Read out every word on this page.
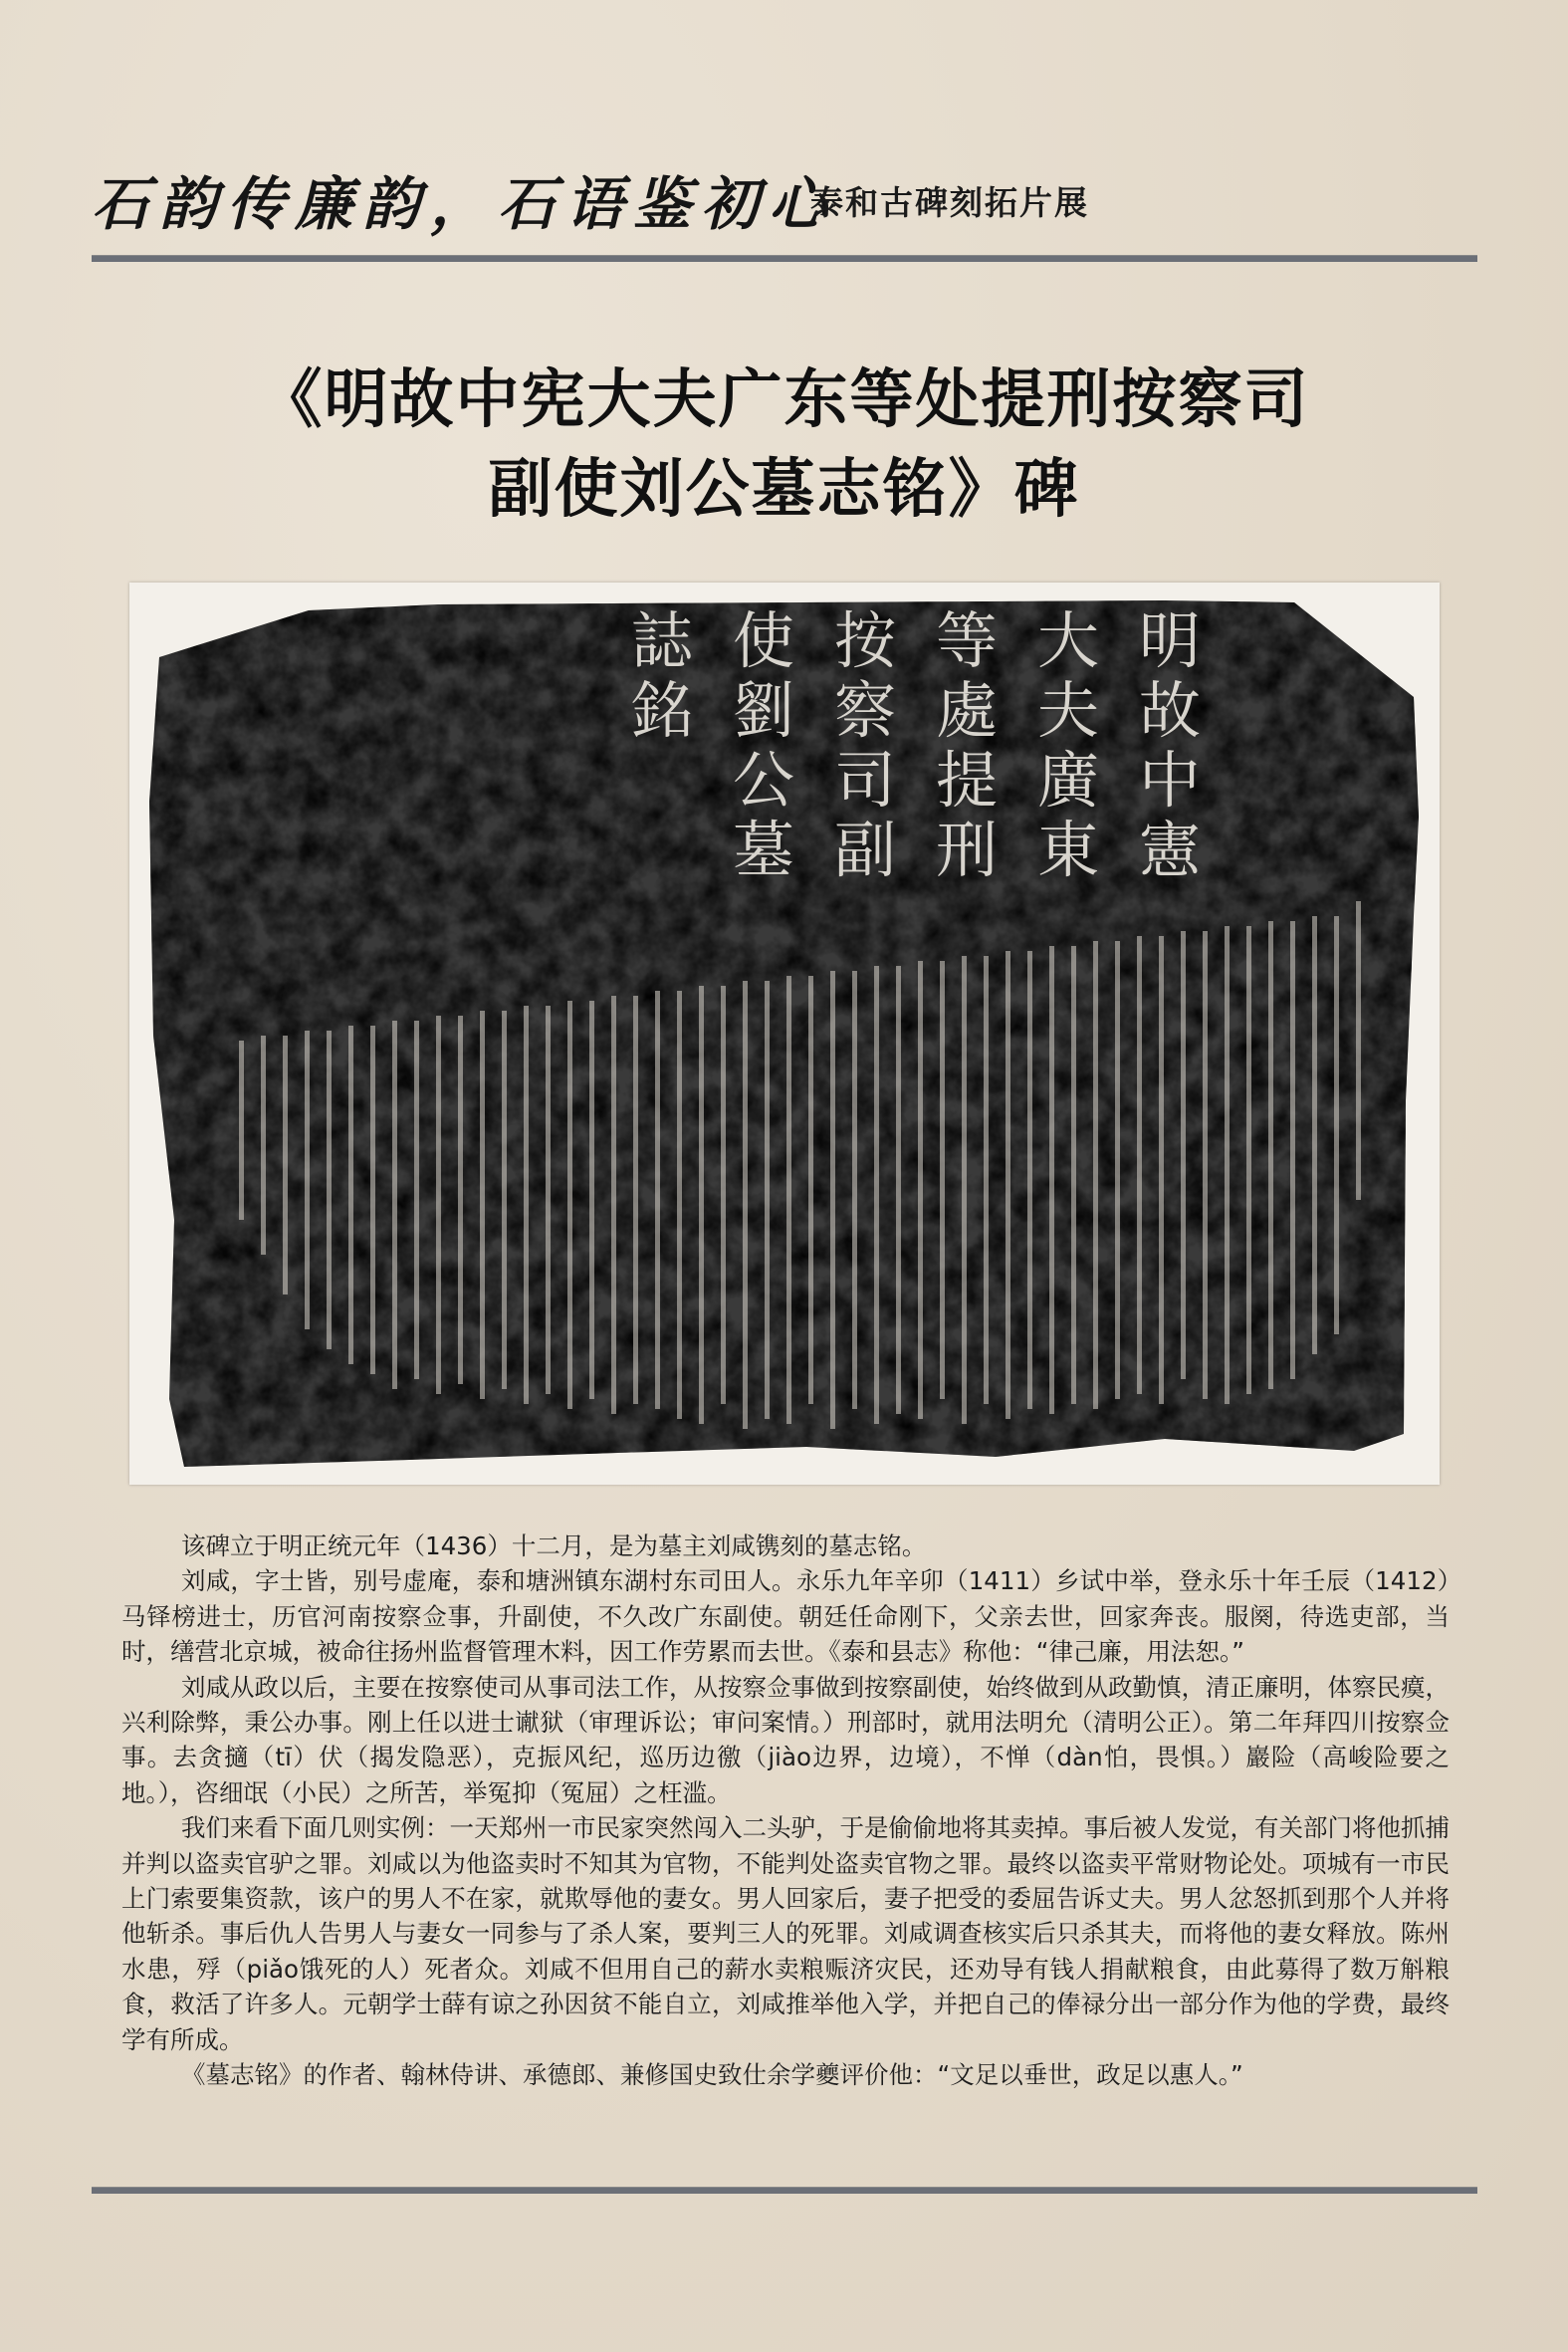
石韵传廉韵，石语鉴初心
泰和古碑刻拓片展
《明故中宪大夫广东等处提刑按察司
副使刘公墓志铭》碑
明
故
中
憲
大
夫
廣
東
等
處
提
刑
按
察
司
副
使
劉
公
墓
誌
銘

该碑立于明正统元年（1436）十二月，是为墓主刘咸镌刻的墓志铭。

刘咸，字士皆，别号虚庵，泰和塘洲镇东湖村东司田人。永乐九年辛卯（1411）乡试中举，登永乐十年壬辰（1412）马铎榜进士，历官河南按察佥事，升副使，不久改广东副使。朝廷任命刚下，父亲去世，回家奔丧。服阕，待选吏部，当时，缮营北京城，被命往扬州监督管理木料，因工作劳累而去世。《泰和县志》称他：“律己廉，用法恕。”

刘咸从政以后，主要在按察使司从事司法工作，从按察佥事做到按察副使，始终做到从政勤慎，清正廉明，体察民瘼，兴利除弊，秉公办事。刚上任以进士谳狱（审理诉讼；审问案情。）刑部时，就用法明允（清明公正）。第二年拜四川按察佥事。去贪擿（tī）伏（揭发隐恶），克振风纪，巡历边徼（jiào边界，边境），不惮（dàn怕，畏惧。）巖险（高峻险要之地。），咨细氓（小民）之所苦，举冤抑（冤屈）之枉滥。

我们来看下面几则实例：一天郑州一市民家突然闯入二头驴，于是偷偷地将其卖掉。事后被人发觉，有关部门将他抓捕并判以盗卖官驴之罪。刘咸以为他盗卖时不知其为官物，不能判处盗卖官物之罪。最终以盗卖平常财物论处。项城有一市民上门索要集资款，该户的男人不在家，就欺辱他的妻女。男人回家后，妻子把受的委屈告诉丈夫。男人忿怒抓到那个人并将他斩杀。事后仇人告男人与妻女一同参与了杀人案，要判三人的死罪。刘咸调查核实后只杀其夫，而将他的妻女释放。陈州水患，殍（piǎo饿死的人）死者众。刘咸不但用自己的薪水卖粮赈济灾民，还劝导有钱人捐献粮食，由此募得了数万斛粮食，救活了许多人。元朝学士薛有谅之孙因贫不能自立，刘咸推举他入学，并把自己的俸禄分出一部分作为他的学费，最终学有所成。

《墓志铭》的作者、翰林侍讲、承德郎、兼修国史致仕余学夔评价他：“文足以垂世，政足以惠人。”
